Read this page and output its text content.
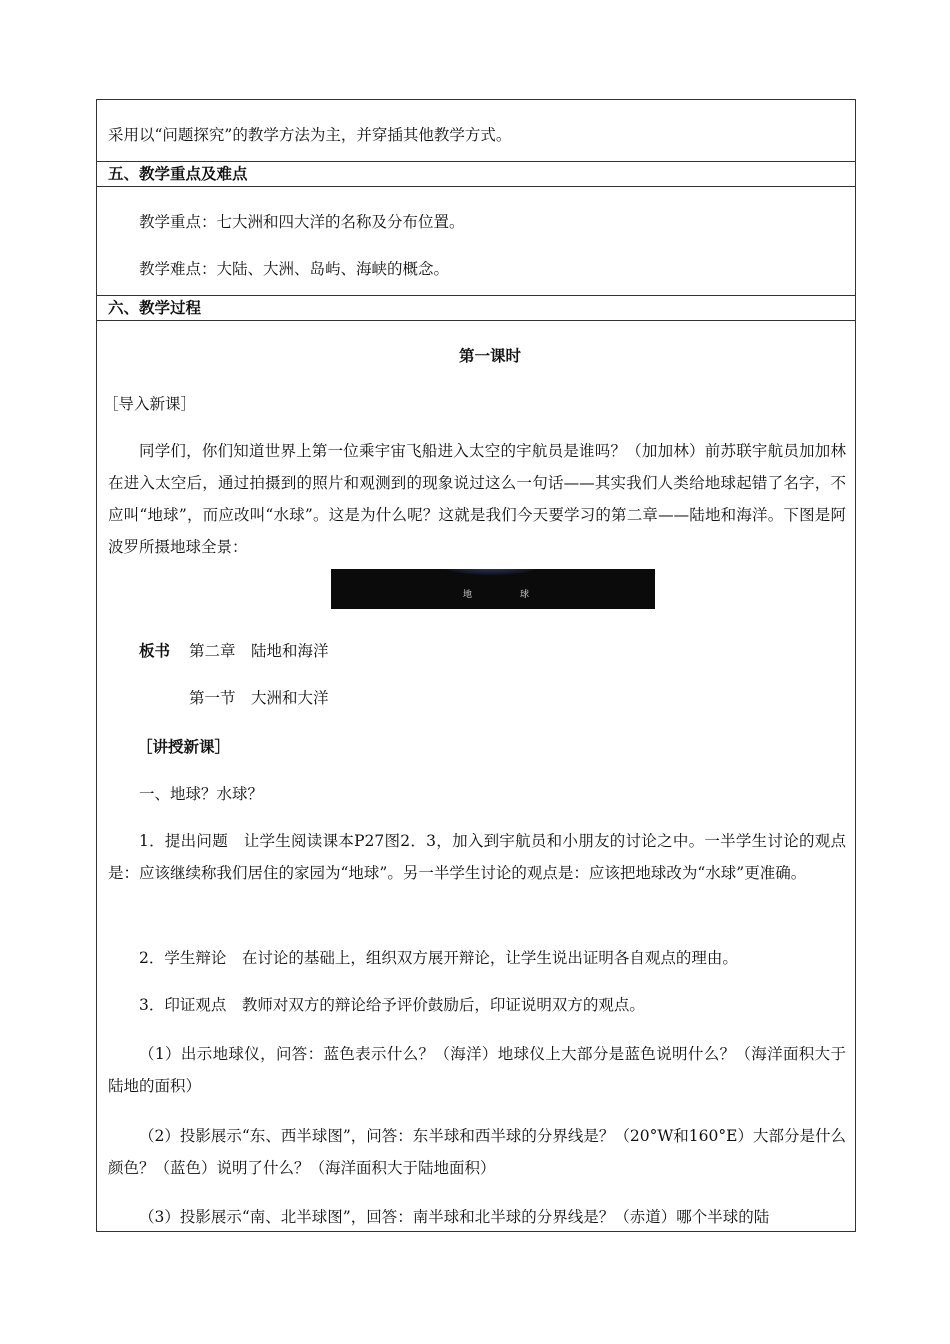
采用以“问题探究”的教学方法为主，并穿插其他教学方式。
五、教学重点及难点
教学重点：七大洲和四大洋的名称及分布位置。
教学难点：大陆、大洲、岛屿、海峡的概念。
六、教学过程
第一课时
［导入新课］
同学们，你们知道世界上第一位乘宇宙飞船进入太空的宇航员是谁吗？（加加林）前苏联宇航员加加林在进入太空后，通过拍摄到的照片和观测到的现象说过这么一句话——其实我们人类给地球起错了名字，不应叫“地球”，而应改叫“水球”。这是为什么呢？这就是我们今天要学习的第二章——陆地和海洋。下图是阿波罗所摄地球全景：
地	球
板书 第二章　陆地和海洋
第一节　大洲和大洋
［讲授新课］
一、地球？水球？
1．提出问题　让学生阅读课本P27图2．3，加入到宇航员和小朋友的讨论之中。一半学生讨论的观点是：应该继续称我们居住的家园为“地球”。另一半学生讨论的观点是：应该把地球改为“水球”更准确。
2．学生辩论　在讨论的基础上，组织双方展开辩论，让学生说出证明各自观点的理由。
3．印证观点　教师对双方的辩论给予评价鼓励后，印证说明双方的观点。
（1）出示地球仪，问答：蓝色表示什么？（海洋）地球仪上大部分是蓝色说明什么？（海洋面积大于陆地的面积）
（2）投影展示“东、西半球图”，问答：东半球和西半球的分界线是？（20°W和160°E）大部分是什么颜色？（蓝色）说明了什么？（海洋面积大于陆地面积）
（3）投影展示“南、北半球图”，回答：南半球和北半球的分界线是？（赤道）哪个半球的陆
